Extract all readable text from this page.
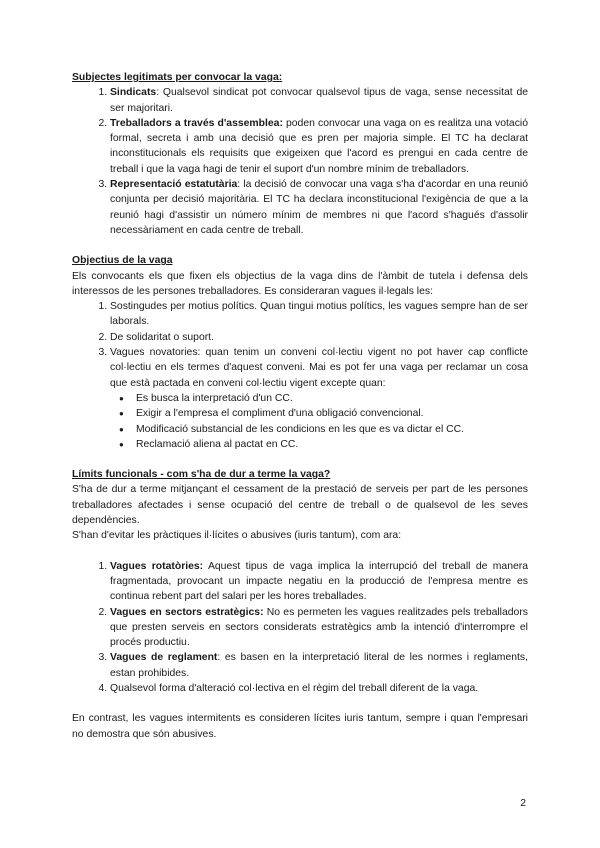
Subjectes legitimats per convocar la vaga:
1. Sindicats: Qualsevol sindicat pot convocar qualsevol tipus de vaga, sense necessitat de ser majoritari.
2. Treballadors a través d'assemblea: poden convocar una vaga on es realitza una votació formal, secreta i amb una decisió que es pren per majoria simple. El TC ha declarat inconstitucionals els requisits que exigeixen que l'acord es prengui en cada centre de treball i que la vaga hagi de tenir el suport d'un nombre mínim de treballadors.
3. Representació estatutària: la decisió de convocar una vaga s'ha d'acordar en una reunió conjunta per decisió majoritària. El TC ha declara inconstitucional l'exigència de que a la reunió hagi d'assistir un número mínim de membres ni que l'acord s'hagués d'assolir necessàriament en cada centre de treball.
Objectius de la vaga

Els convocants els que fixen els objectius de la vaga dins de l'àmbit de tutela i defensa dels interessos de les persones treballadores. Es consideraran vagues il·legals les:

1. Sostingudes per motius polítics. Quan tingui motius polítics, les vagues sempre han de ser laborals.
2. De solidaritat o suport.
3. Vagues novatories: quan tenim un conveni col·lectiu vigent no pot haver cap conflicte col·lectiu en els termes d'aquest conveni. Mai es pot fer una vaga per reclamar un cosa que està pactada en conveni col·lectiu vigent excepte quan:
● Es busca la interpretació d'un CC.
● Exigir a l'empresa el compliment d'una obligació convencional.
● Modificació substancial de les condicions en les que es va dictar el CC.
● Reclamació aliena al pactat en CC.
Límits funcionals - com s'ha de dur a terme la vaga?

S'ha de dur a terme mitjançant el cessament de la prestació de serveis per part de les persones treballadores afectades i sense ocupació del centre de treball o de qualsevol de les seves dependències.

S'han d'evitar les pràctiques il·lícites o abusives (iuris tantum), com ara:

1. Vagues rotatòries: Aquest tipus de vaga implica la interrupció del treball de manera fragmentada, provocant un impacte negatiu en la producció de l'empresa mentre es continua rebent part del salari per les hores treballades.
2. Vagues en sectors estratègics: No es permeten les vagues realitzades pels treballadors que presten serveis en sectors considerats estratègics amb la intenció d'interrompre el procés productiu.
3. Vagues de reglament: es basen en la interpretació literal de les normes i reglaments, estan prohibides.
4. Qualsevol forma d'alteració col·lectiva en el règim del treball diferent de la vaga.

En contrast, les vagues intermitents es consideren lícites iuris tantum, sempre i quan l'empresari no demostra que són abusives.

2
